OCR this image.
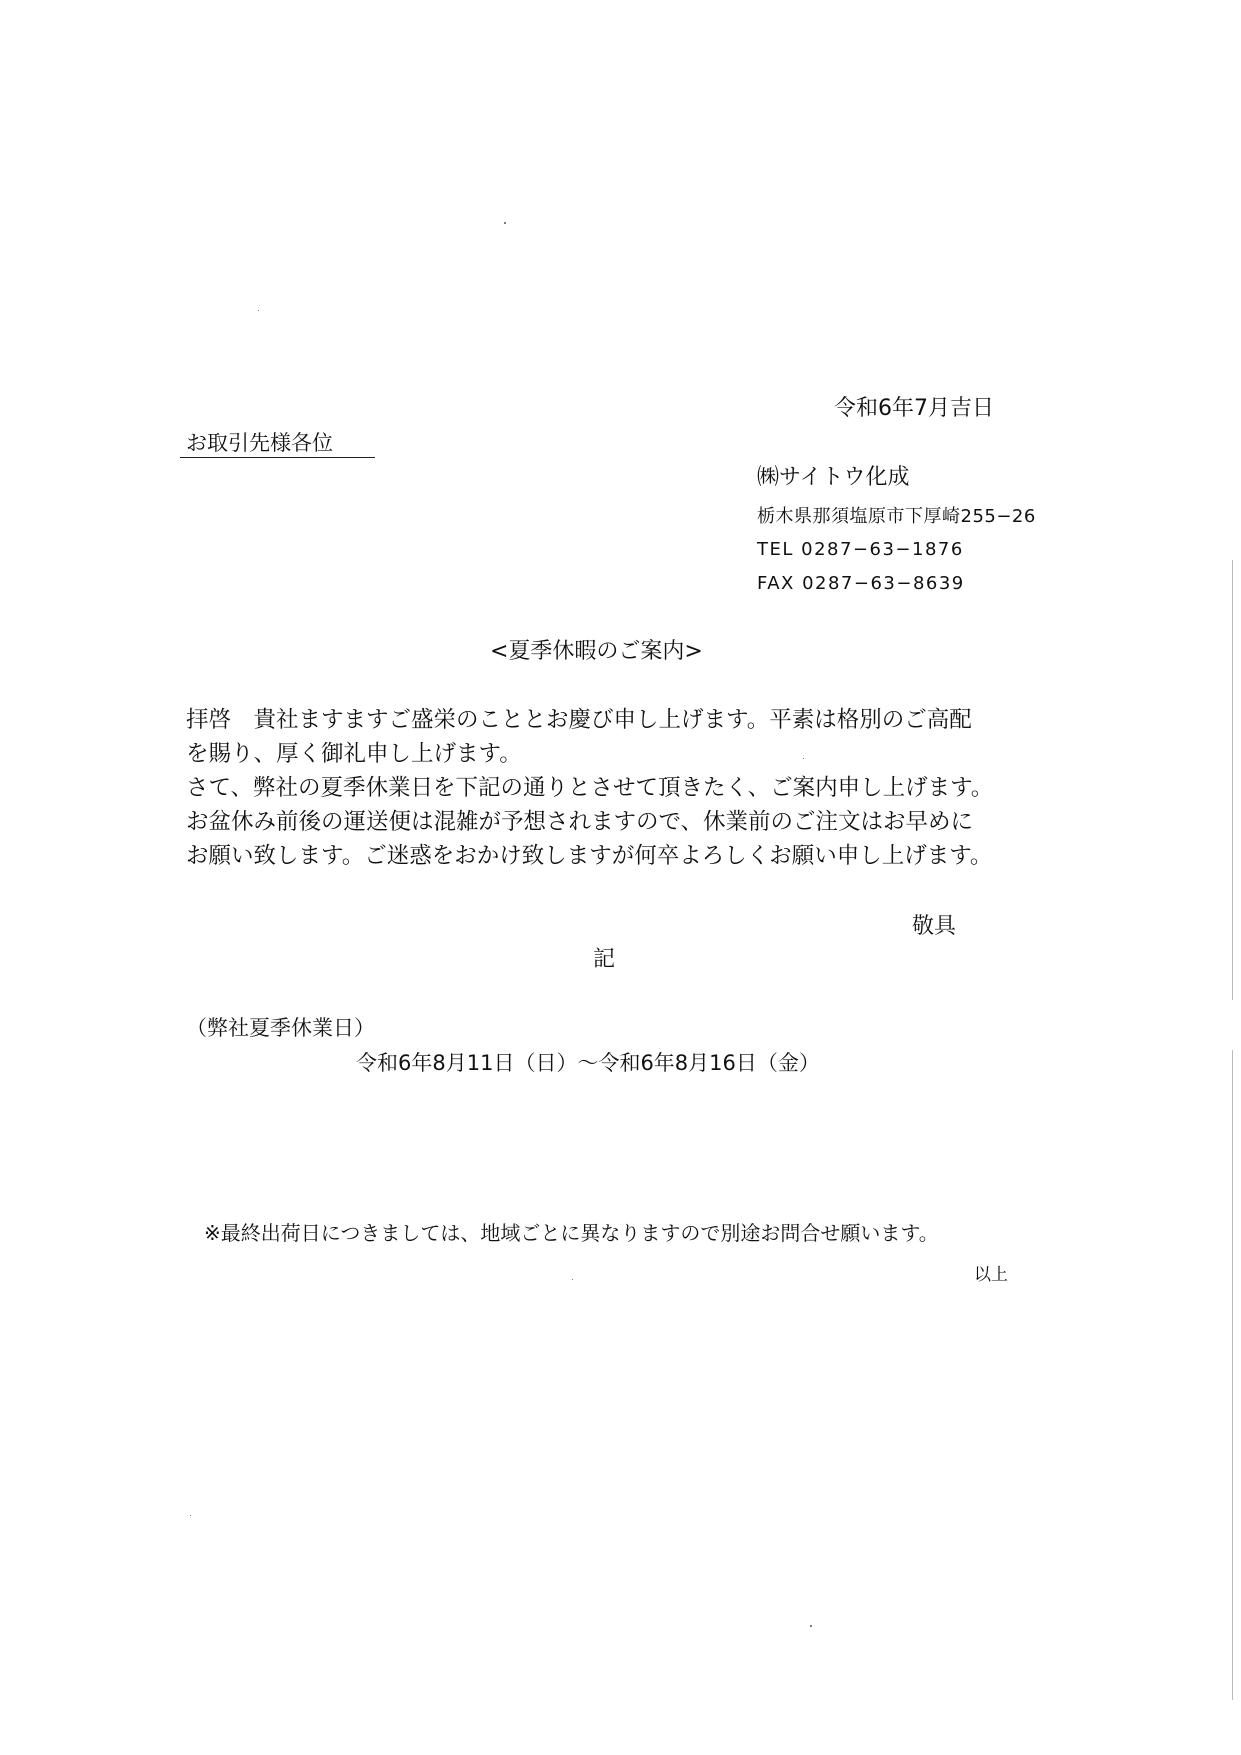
令和6年7月吉日
お取引先様各位
㈱サイトウ化成
栃木県那須塩原市下厚崎255−26
TEL 0287−63−1876
FAX 0287−63−8639
<夏季休暇のご案内>
拝啓　貴社ますますご盛栄のこととお慶び申し上げます。平素は格別のご高配
を賜り、厚く御礼申し上げます。
さて、弊社の夏季休業日を下記の通りとさせて頂きたく、ご案内申し上げます。
お盆休み前後の運送便は混雑が予想されますので、休業前のご注文はお早めに
お願い致します。ご迷惑をおかけ致しますが何卒よろしくお願い申し上げます。
敬具
記
（弊社夏季休業日）
令和6年8月11日（日）～令和6年8月16日（金）
※最終出荷日につきましては、地域ごとに異なりますので別途お問合せ願います。
以上
